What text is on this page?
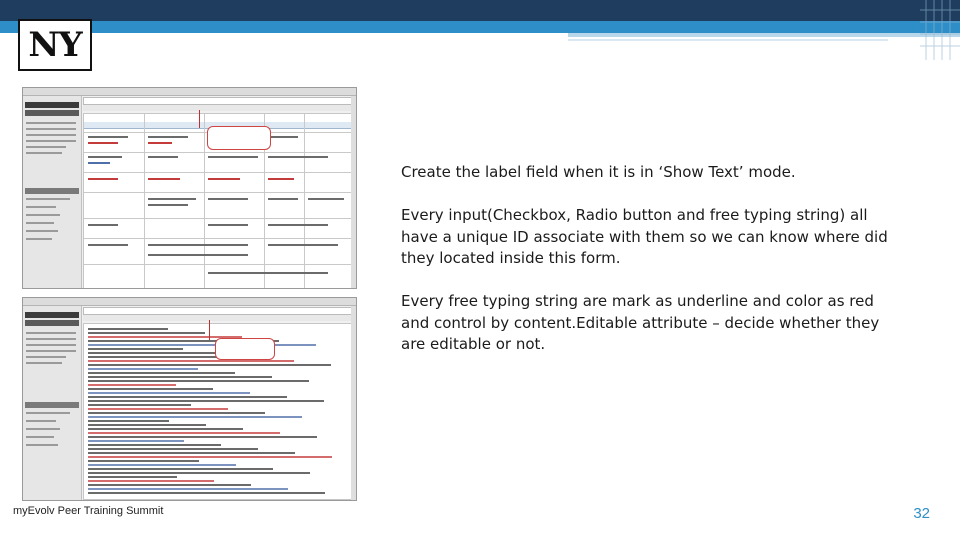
NY

Create the label field when it is in ‘Show Text’ mode.

Every input(Checkbox, Radio button and free typing string) all have a unique ID associate with them so we can know where did they located inside this form.

Every free typing string are mark as underline and color as red and control by content.Editable attribute – decide whether they are editable or not.

myEvolv Peer Training Summit	32
